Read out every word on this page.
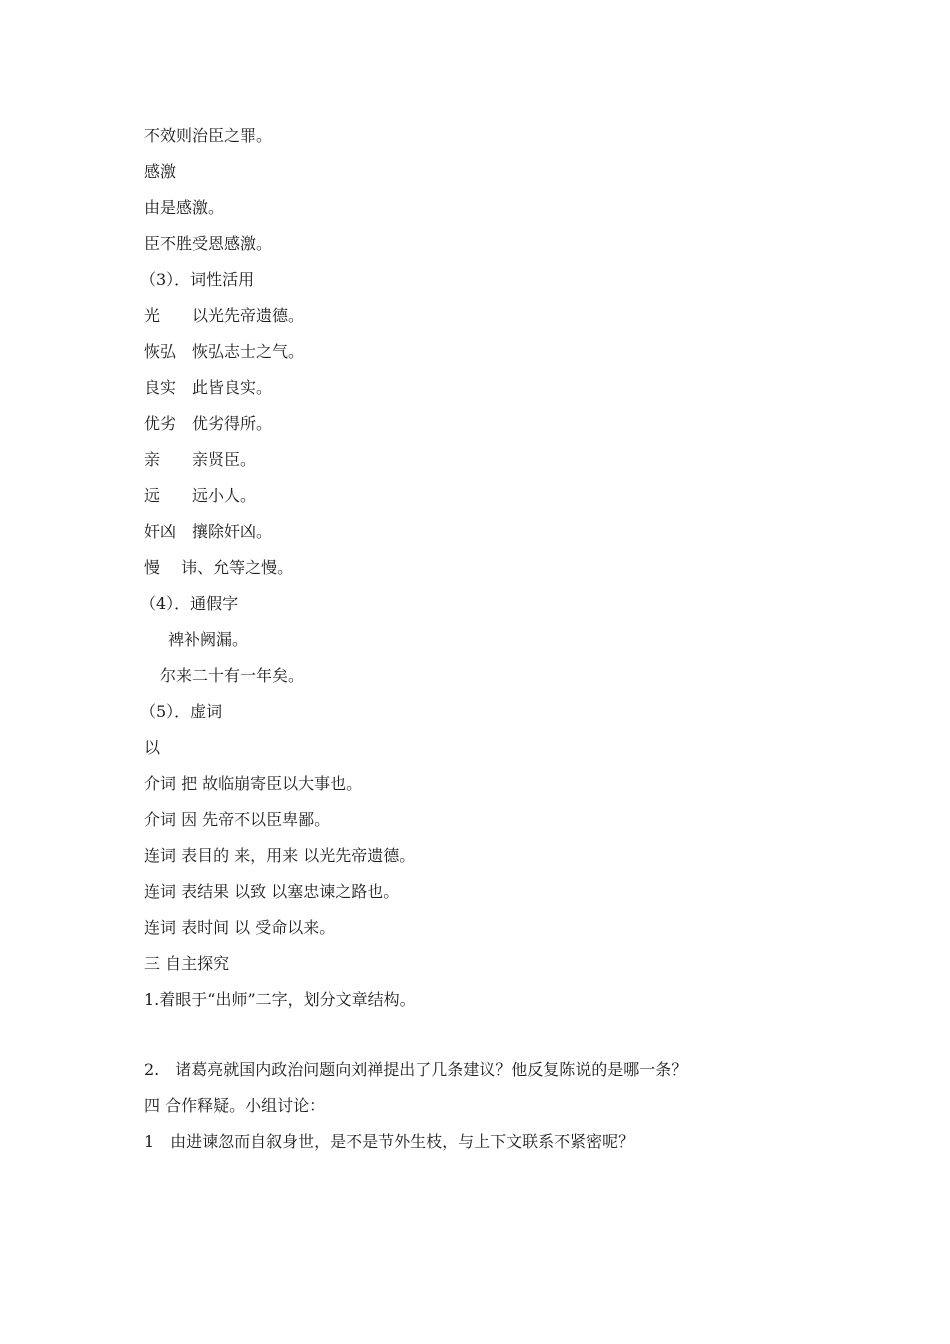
不效则治臣之罪。
感激
由是感激。
臣不胜受恩感激。
（3）．词性活用
光　　以光先帝遗德。
恢弘　恢弘志士之气。
良实　此皆良实。
优劣　优劣得所。
亲　　亲贤臣。
远　　远小人。
奸凶　攘除奸凶。
慢　 讳、允等之慢。
（4）．通假字
裨补阙漏。
尔来二十有一年矣。
（5）．虚词
以
介词 把 故临崩寄臣以大事也。
介词 因 先帝不以臣卑鄙。
连词 表目的 来，用来 以光先帝遗德。
连词 表结果 以致 以塞忠谏之路也。
连词 表时间 以 受命以来。
三 自主探究
1.着眼于“出师”二字，划分文章结构。
2.　诸葛亮就国内政治问题向刘禅提出了几条建议？他反复陈说的是哪一条？
四 合作释疑。小组讨论：
1　由进谏忽而自叙身世，是不是节外生枝，与上下文联系不紧密呢？
